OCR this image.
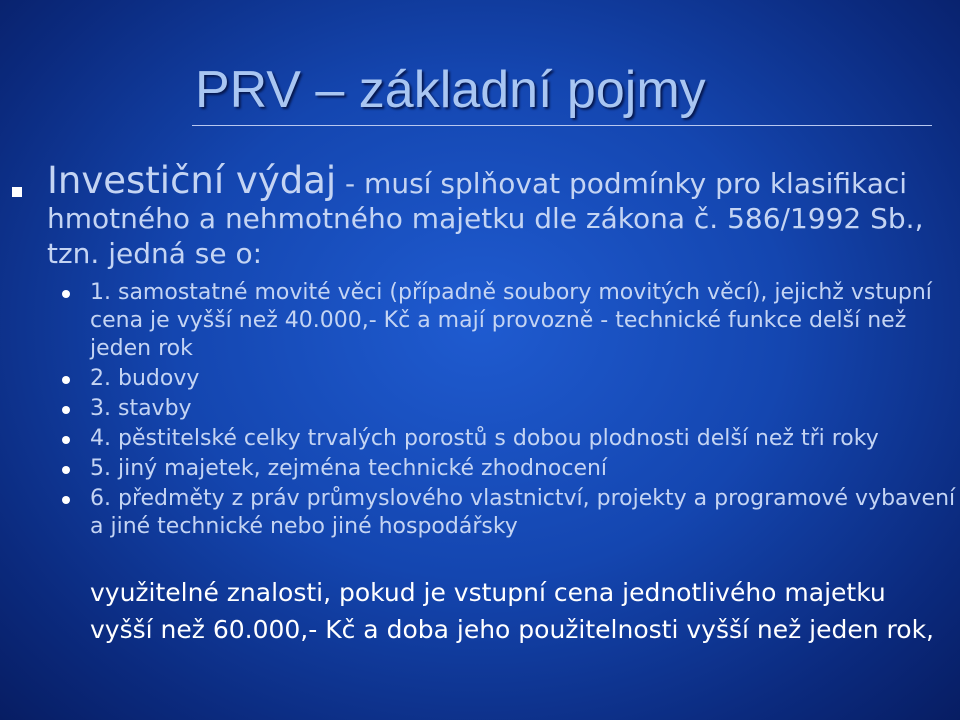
PRV – základní pojmy
Investiční výdaj - musí splňovat podmínky pro klasifikaci hmotného a nehmotného majetku dle zákona č. 586/1992 Sb., tzn. jedná se o:
1. samostatné movité věci (případně soubory movitých věcí), jejichž vstupní cena je vyšší než 40.000,- Kč a mají provozně - technické funkce delší než jeden rok
2. budovy
3. stavby
4. pěstitelské celky trvalých porostů s dobou plodnosti delší než tři roky
5. jiný majetek, zejména technické zhodnocení
6. předměty z práv průmyslového vlastnictví, projekty a programové vybavení a jiné technické nebo jiné hospodářsky
využitelné znalosti, pokud je vstupní cena jednotlivého majetku vyšší než 60.000,- Kč a doba jeho použitelnosti vyšší než jeden rok,
